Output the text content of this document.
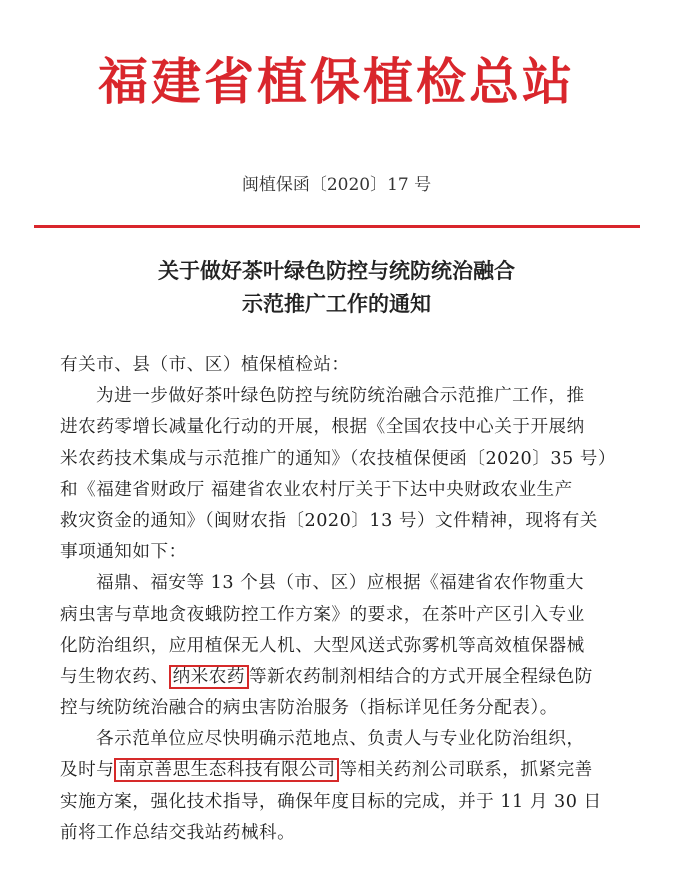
福建省植保植检总站
闽植保函〔2020〕17 号
关于做好茶叶绿色防控与统防统治融合
示范推广工作的通知
有关市、县（市、区）植保植检站：
为进一步做好茶叶绿色防控与统防统治融合示范推广工作，推
进农药零增长减量化行动的开展，根据《全国农技中心关于开展纳
米农药技术集成与示范推广的通知》（农技植保便函〔2020〕35 号）
和《福建省财政厅 福建省农业农村厅关于下达中央财政农业生产
救灾资金的通知》（闽财农指〔2020〕13 号）文件精神，现将有关
事项通知如下：
福鼎、福安等 13 个县（市、区）应根据《福建省农作物重大
病虫害与草地贪夜蛾防控工作方案》的要求，在茶叶产区引入专业
化防治组织，应用植保无人机、大型风送式弥雾机等高效植保器械
与生物农药、 纳米农药 等新农药制剂相结合的方式开展全程绿色防
控与统防统治融合的病虫害防治服务（指标详见任务分配表）。
各示范单位应尽快明确示范地点、负责人与专业化防治组织，
及时与 南京善思生态科技有限公司 等相关药剂公司联系，抓紧完善
实施方案，强化技术指导，确保年度目标的完成，并于 11 月 30 日
前将工作总结交我站药械科。
